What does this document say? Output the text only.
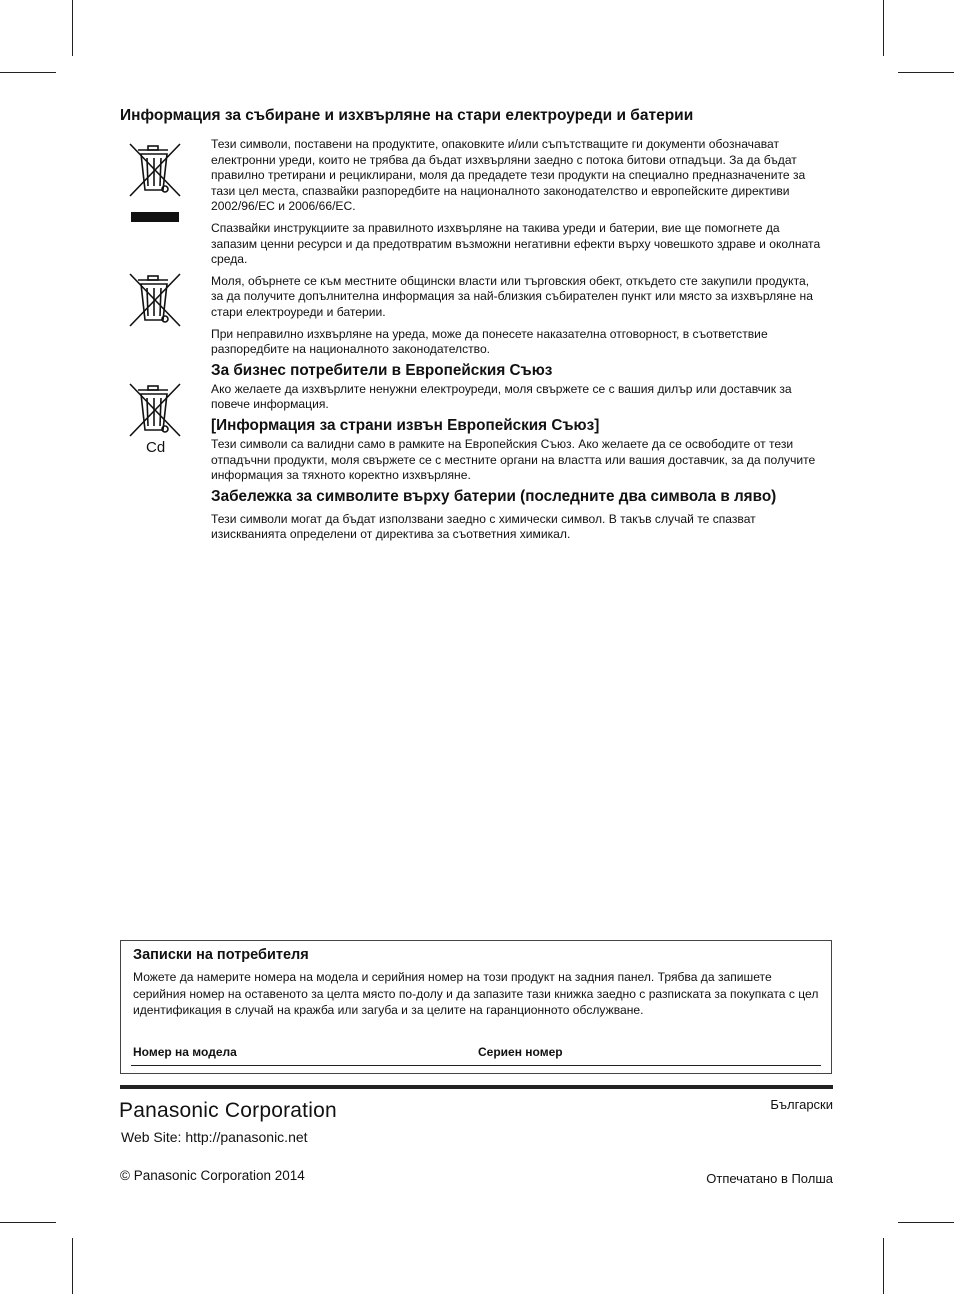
Информация за събиране и изхвърляне на стари електроуреди и батерии
Cd

Тези символи, поставени на продуктите, опаковките и/или съпътстващите ги документи обозначават електронни уреди, които не трябва да бъдат изхвърляни заедно с потока битови отпадъци. За да бъдат правилно третирани и рециклирани, моля да предадете тези продукти на специално предназначените за тази цел места, спазвайки разпоредбите на националното законодателство и европейските директиви 2002/96/ЕС и 2006/66/ЕС.

Спазвайки инструкциите за правилното изхвърляне на такива уреди и батерии, вие ще помогнете да запазим ценни ресурси и да предотвратим възможни негативни ефекти върху човешкото здраве и околната среда.

Моля, обърнете се към местните общински власти или търговския обект, откъдето сте закупили продукта, за да получите допълнителна информация за най-близкия събирателен пункт или място за изхвърляне на стари електроуреди и батерии.

При неправилно изхвърляне на уреда, може да понесете наказателна отговорност, в съответствие разпоредбите на националното законодателство.

За бизнес потребители в Европейския Съюз

Ако желаете да изхвърлите ненужни електроуреди, моля свържете се с вашия дилър или доставчик за повече информация.

[Информация за страни извън Европейския Съюз]

Тези символи са валидни само в рамките на Европейския Съюз. Ако желаете да се освободите от тези отпадъчни продукти, моля свържете се с местните органи на властта или вашия доставчик, за да получите информация за тяхното коректно изхвърляне.

Забележка за символите върху батерии (последните два символа в ляво)

Тези символи могат да бъдат използвани заедно с химически символ. В такъв случай те спазват изискванията определени от директива за съответния химикал.

Записки на потребителя

Можете да намерите номера на модела и серийния номер на този продукт на задния панел. Трябва да запишете серийния номер на оставеното за целта място по-долу и да запазите тази книжка заедно с разписката за покупката с цел идентификация в случай на кражба или загуба и за целите на гаранционното обслужване.

Номер на модела	Сериен номер
Panasonic Corporation
Web Site: http://panasonic.net
Български
© Panasonic Corporation 2014	Отпечатано в Полша
